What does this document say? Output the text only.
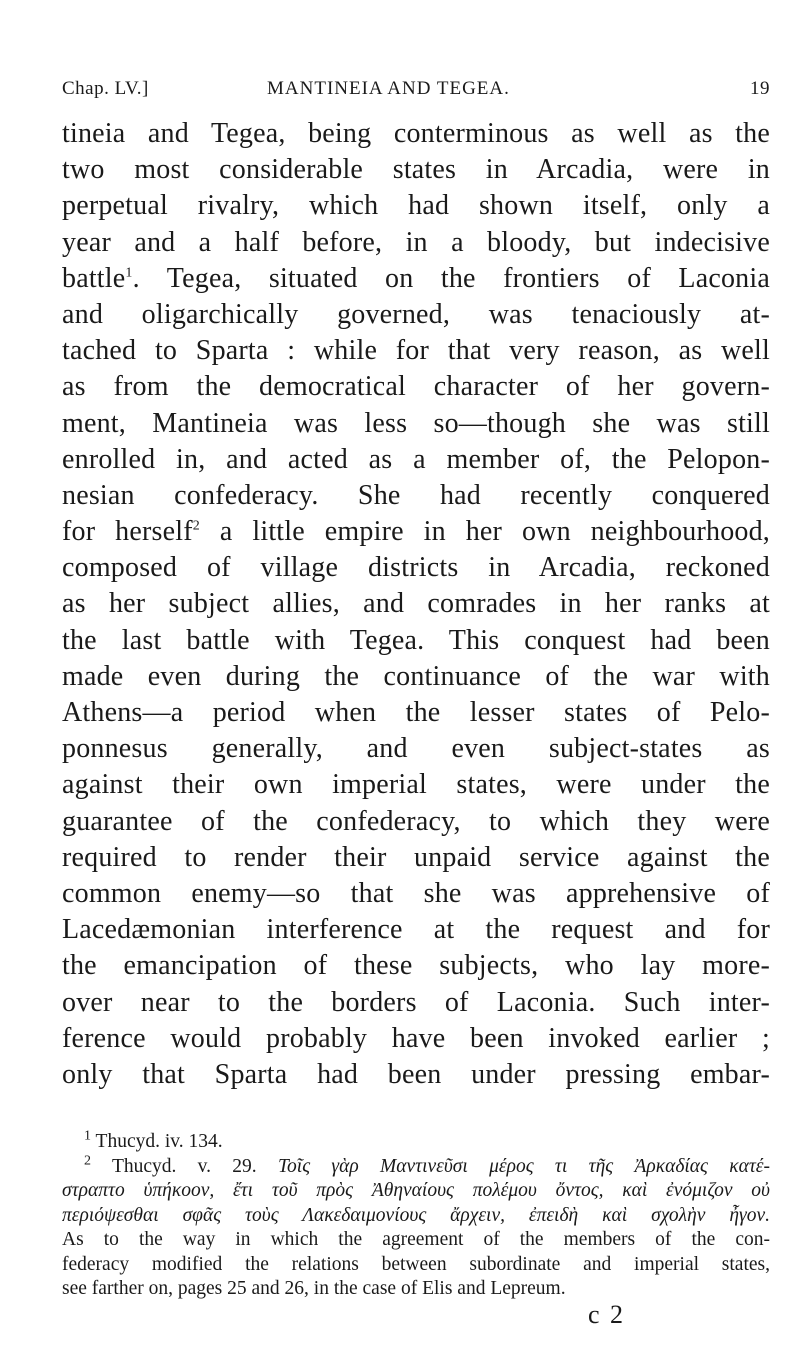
Chap. LV.]	MANTINEIA AND TEGEA.	19
tineia and Tegea, being conterminous as well as the
two most considerable states in Arcadia, were in
perpetual rivalry, which had shown itself, only a
year and a half before, in a bloody, but indecisive
battle$^1$. Tegea, situated on the frontiers of Laconia
and oligarchically governed, was tenaciously at-
tached to Sparta : while for that very reason, as well
as from the democratical character of her govern-
ment, Mantineia was less so—though she was still
enrolled in, and acted as a member of, the Pelopon-
nesian confederacy. She had recently conquered
for herself$^2$ a little empire in her own neighbourhood,
composed of village districts in Arcadia, reckoned
as her subject allies, and comrades in her ranks at
the last battle with Tegea. This conquest had been
made even during the continuance of the war with
Athens—a period when the lesser states of Pelo-
ponnesus generally, and even subject-states as
against their own imperial states, were under the
guarantee of the confederacy, to which they were
required to render their unpaid service against the
common enemy—so that she was apprehensive of
Lacedæmonian interference at the request and for
the emancipation of these subjects, who lay more-
over near to the borders of Laconia. Such inter-
ference would probably have been invoked earlier ;
only that Sparta had been under pressing embar-
$^1$ Thucyd. iv. 134.
$^2$ Thucyd. v. 29. Τοῖς γὰρ Μαντινεῦσι μέρος τι τῆς Ἀρκαδίας κατέ-
στραπτο ὑπήκοον, ἔτι τοῦ πρὸς Ἀθηναίους πολέμου ὄντος, καὶ ἐνόμιζον οὐ
περιόψεσθαι σφᾶς τοὺς Λακεδαιμονίους ἄρχειν, ἐπειδὴ καὶ σχολὴν ἦγον.
As to the way in which the agreement of the members of the con-
federacy modified the relations between subordinate and imperial states,
see farther on, pages 25 and 26, in the case of Elis and Lepreum.
c 2
